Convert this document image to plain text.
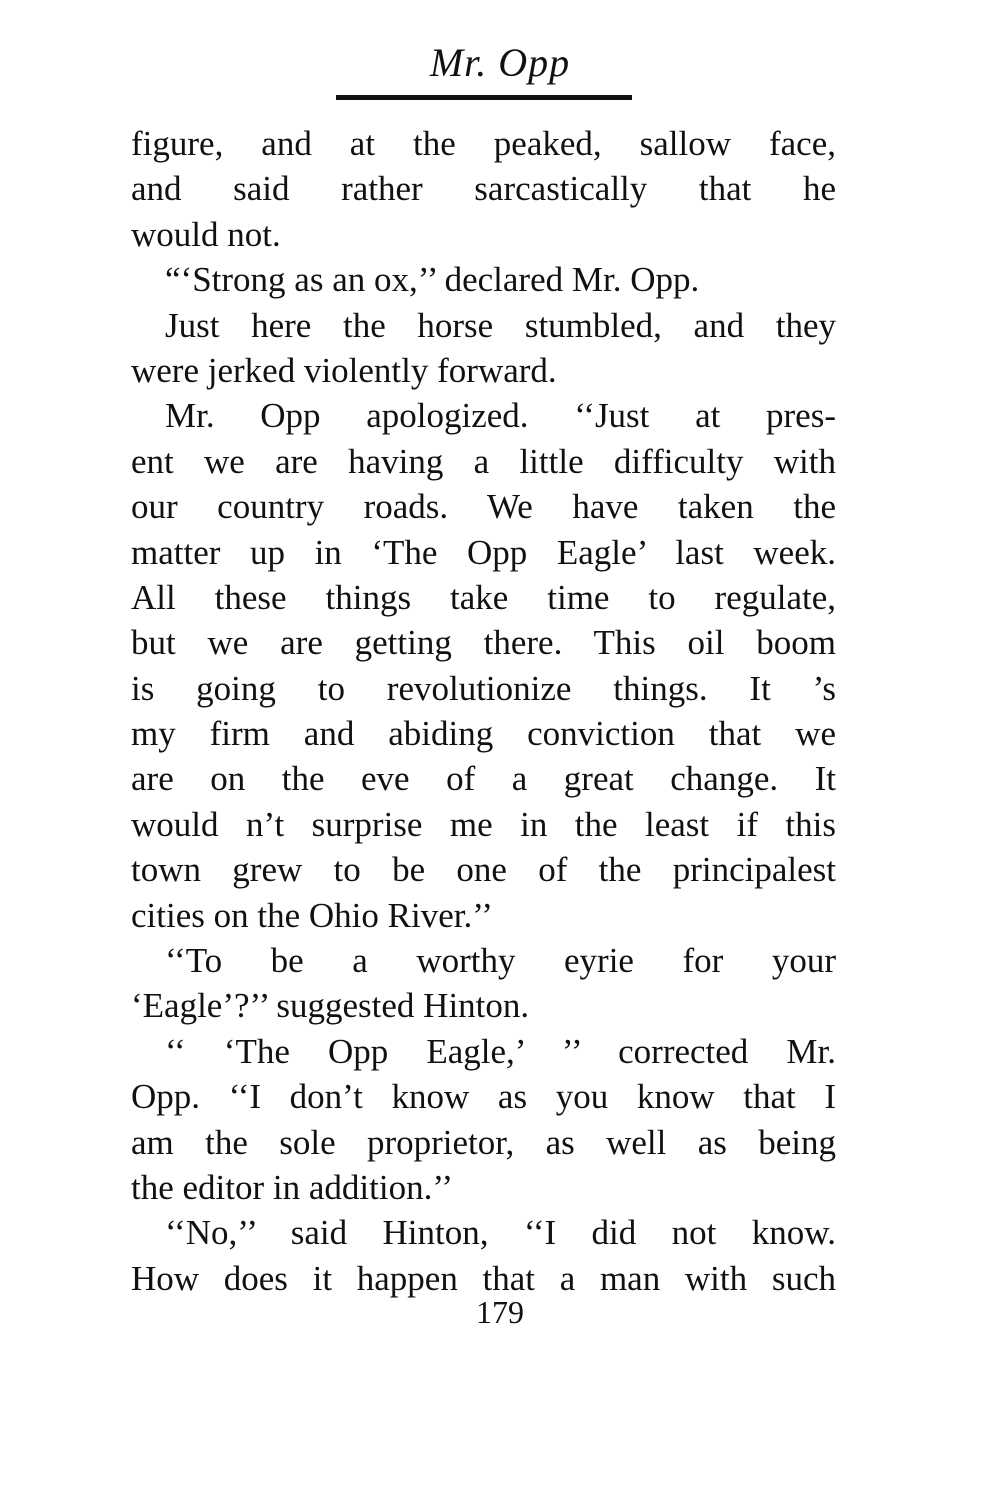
Mr. Opp
figure, and at the peaked, sallow face,
and said rather sarcastically that he
would not.
“‘Strong as an ox,’’ declared Mr. Opp.
Just here the horse stumbled, and they
were jerked violently forward.
Mr. Opp apologized. ‘‘Just at pres-
ent we are having a little difficulty with
our country roads. We have taken the
matter up in ‘The Opp Eagle’ last week.
All these things take time to regulate,
but we are getting there. This oil boom
is going to revolutionize things. It ’s
my firm and abiding conviction that we
are on the eve of a great change. It
would n’t surprise me in the least if this
town grew to be one of the principalest
cities on the Ohio River.’’
‘‘To be a worthy eyrie for your
‘Eagle’?’’ suggested Hinton.
‘‘ ‘The Opp Eagle,’ ’’ corrected Mr.
Opp. ‘‘I don’t know as you know that I
am the sole proprietor, as well as being
the editor in addition.’’
‘‘No,’’ said Hinton, ‘‘I did not know.
How does it happen that a man with such
179
